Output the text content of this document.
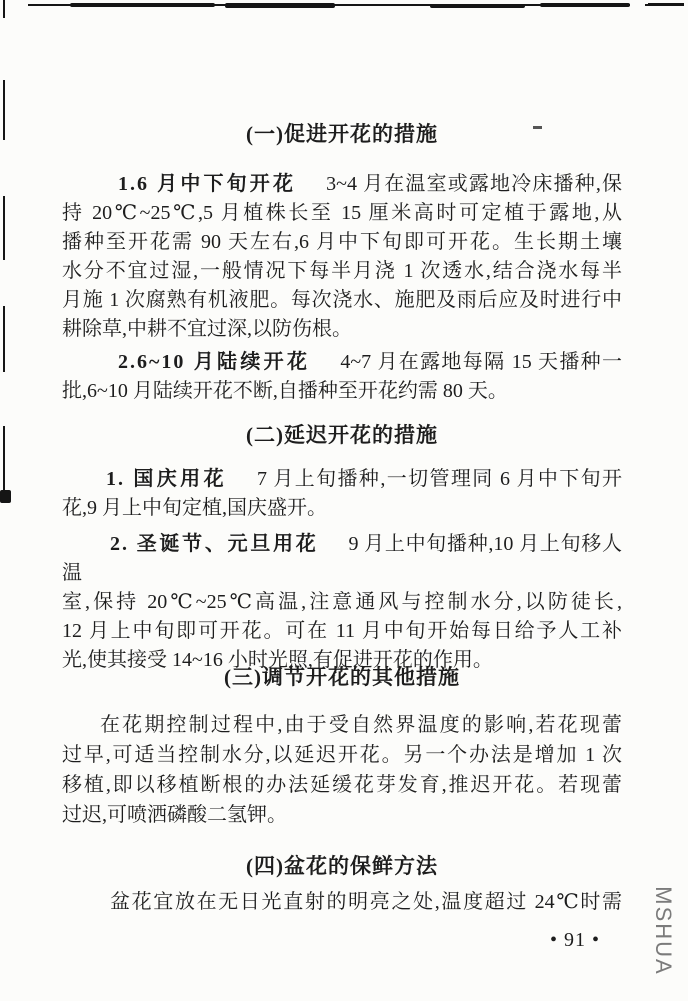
(一)促进开花的措施
1.6 月中下旬开花 3~4 月在温室或露地冷床播种,保
持 20℃~25℃,5 月植株长至 15 厘米高时可定植于露地,从
播种至开花需 90 天左右,6 月中下旬即可开花。生长期土壤
水分不宜过湿,一般情况下每半月浇 1 次透水,结合浇水每半
月施 1 次腐熟有机液肥。每次浇水、施肥及雨后应及时进行中
耕除草,中耕不宜过深,以防伤根。
2.6~10 月陆续开花 4~7 月在露地每隔 15 天播种一
批,6~10 月陆续开花不断,自播种至开花约需 80 天。
(二)延迟开花的措施
1. 国庆用花 7 月上旬播种,一切管理同 6 月中下旬开
花,9 月上中旬定植,国庆盛开。
2. 圣诞节、元旦用花 9 月上中旬播种,10 月上旬移人温
室,保持 20℃~25℃高温,注意通风与控制水分,以防徒长,
12 月上中旬即可开花。可在 11 月中旬开始每日给予人工补
光,使其接受 14~16 小时光照,有促进开花的作用。
(三)调节开花的其他措施
在花期控制过程中,由于受自然界温度的影响,若花现蕾
过早,可适当控制水分,以延迟开花。另一个办法是增加 1 次
移植,即以移植断根的办法延缓花芽发育,推迟开花。若现蕾
过迟,可喷洒磷酸二氢钾。
(四)盆花的保鲜方法
盆花宜放在无日光直射的明亮之处,温度超过 24℃时需
• 91 • MSHUA
